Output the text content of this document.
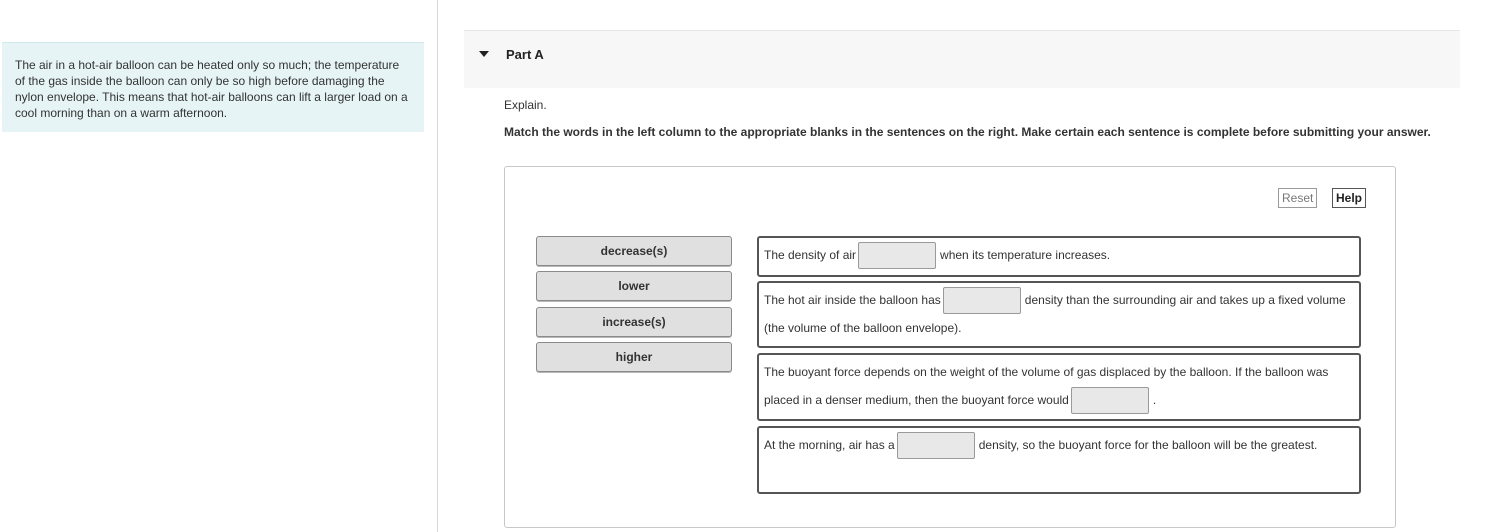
The air in a hot-air balloon can be heated only so much; the temperature of the gas inside the balloon can only be so high before damaging the nylon envelope. This means that hot-air balloons can lift a larger load on a cool morning than on a warm afternoon.
Part A
Explain.
Match the words in the left column to the appropriate blanks in the sentences on the right. Make certain each sentence is complete before submitting your answer.
Reset	Help
decrease(s)
lower
increase(s)
higher
The density of air	when its temperature increases.
The hot air inside the balloon has	density than the surrounding air and takes up a fixed volume (the volume of the balloon envelope).
The buoyant force depends on the weight of the volume of gas displaced by the balloon. If the balloon was placed in a denser medium, then the buoyant force would	.
At the morning, air has a	density, so the buoyant force for the balloon will be the greatest.
